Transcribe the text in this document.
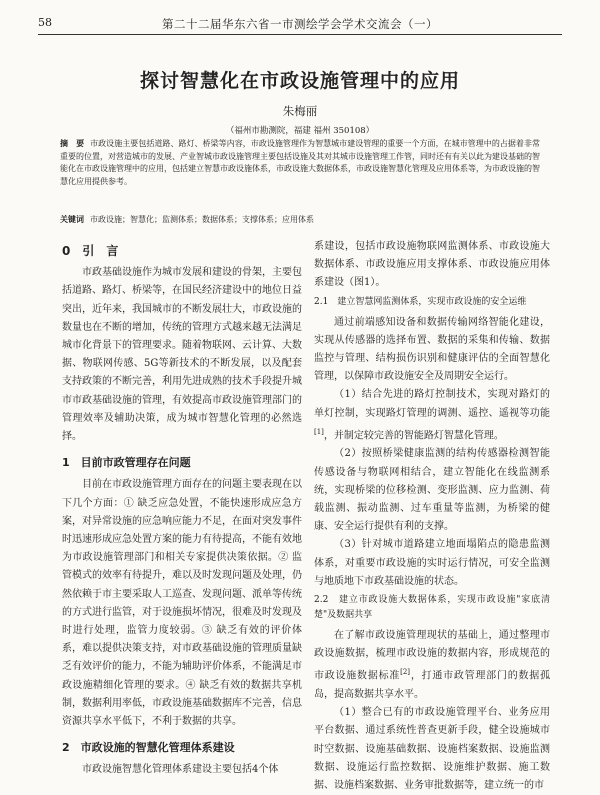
58	第二十二届华东六省一市测绘学会学术交流会（一）
探讨智慧化在市政设施管理中的应用
朱梅丽
（福州市勘测院，福建 福州 350108）
摘　要 市政设施主要包括道路、路灯、桥梁等内容，市政设施管理作为智慧城市建设管理的重要一个方面，在城市管理中的占据着非常重要的位置，对营造城市的发展、产业智城市政设施管理主要包括设施及其对其城市设施管理工作管，同时还有有关以此为建设基础的智能化在市政设施管理中的应用，包括建立智慧市政设施体系，市政设施大数据体系，市政设施智慧化管理及应用体系等，为市政设施的智慧化应用提供参考。
关键词 市政设施；智慧化；监测体系；数据体系；支撑体系；应用体系
0　引　言

市政基础设施作为城市发展和建设的骨架，主要包括道路、路灯、桥梁等，在国民经济建设中的地位日益突出，近年来，我国城市的不断发展壮大，市政设施的数量也在不断的增加，传统的管理方式越来越无法满足城市化背景下的管理要求。随着物联网、云计算、大数据、物联网传感、5G等新技术的不断发展，以及配套支持政策的不断完善，利用先进成熟的技术手段提升城市市政基础设施的管理，有效提高市政设施管理部门的管理效率及辅助决策，成为城市智慧化管理的必然选择。

1　目前市政管理存在问题

目前在市政设施管理方面存在的问题主要表现在以下几个方面：① 缺乏应急处置，不能快速形成应急方案，对异常设施的应急响应能力不足，在面对突发事件时迅速形成应急处置方案的能力有待提高，不能有效地为市政设施管理部门和相关专家提供决策依据。② 监管模式的效率有待提升，难以及时发现问题及处理，仍然依赖于市主要采取人工巡查、发现问题、派单等传统的方式进行监管，对于设施损坏情况，很难及时发现及时进行处理，监管力度较弱。③ 缺乏有效的评价体系，难以提供决策支持，对市政基础设施的管理质量缺乏有效评价的能力，不能为辅助评价体系，不能满足市政设施精细化管理的要求。④ 缺乏有效的数据共享机制，数据利用率低，市政设施基础数据库不完善，信息资源共享水平低下，不利于数据的共享。

2　市政设施的智慧化管理体系建设

市政设施智慧化管理体系建设主要包括4个体

系建设，包括市政设施物联网监测体系、市政设施大数据体系、市政设施应用支撑体系、市政设施应用体系建设（图1）。

2.1　建立智慧网监测体系，实现市政设施的安全运维

通过前端感知设备和数据传输网络智能化建设，实现从传感器的选择布置、数据的采集和传输、数据监控与管理、结构损伤识别和健康评估的全面智慧化管理，以保障市政设施安全及周期安全运行。

（1）结合先进的路灯控制技术，实现对路灯的单灯控制，实现路灯管理的调测、遥控、遥视等功能[1]，并制定较完善的智能路灯智慧化管理。

（2）按照桥梁健康监测的结构传感器检测智能传感设备与物联网相结合，建立智能化在线监测系统，实现桥梁的位移检测、变形监测、应力监测、荷载监测、振动监测、过车重量等监测，为桥梁的健康、安全运行提供有利的支撑。

（3）针对城市道路建立地面塌陷点的隐患监测体系，对重要市政设施的实时运行情况，可安全监测与地质地下市政基础设施的状态。

2.2　建立市政设施大数据体系，实现市政设施"家底清楚"及数据共享

在了解市政设施管理现状的基础上，通过整理市政设施数据，梳理市政设施的数据内容，形成规范的市政设施数据标准[2]，打通市政管理部门的数据孤岛，提高数据共享水平。

（1）整合已有的市政设施管理平台、业务应用平台数据、通过系统性普查更新手段，健全设施城市时空数据、设施基础数据、设施档案数据、设施监测数据、设施运行监控数据、设施维护数据、施工数据、设施档案数据、业务审批数据等，建立统一的市
